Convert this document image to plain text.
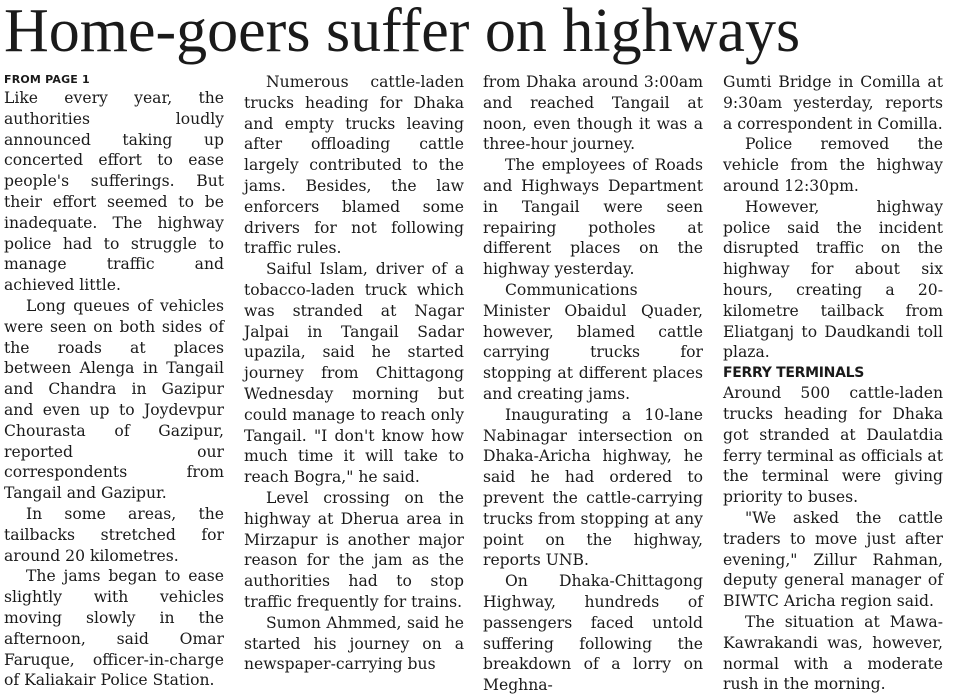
Home-goers suffer on highways

FROM PAGE 1

Like every year, the authorities loudly announced taking up concerted effort to ease people's sufferings. But their effort seemed to be inadequate. The highway police had to struggle to manage traffic and achieved little.

Long queues of vehicles were seen on both sides of the roads at places between Alenga in Tangail and Chandra in Gazipur and even up to Joydevpur Chourasta of Gazipur, reported our correspondents from Tangail and Gazipur.

In some areas, the tailbacks stretched for around 20 kilometres.

The jams began to ease slightly with vehicles moving slowly in the afternoon, said Omar Faruque, officer-in-charge of Kaliakair Police Station.

Numerous cattle-laden trucks heading for Dhaka and empty trucks leaving after offloading cattle largely contributed to the jams. Besides, the law enforcers blamed some drivers for not following traffic rules.

Saiful Islam, driver of a tobacco-laden truck which was stranded at Nagar Jalpai in Tangail Sadar upazila, said he started journey from Chittagong Wednesday morning but could manage to reach only Tangail. "I don't know how much time it will take to reach Bogra," he said.

Level crossing on the highway at Dherua area in Mirzapur is another major reason for the jam as the authorities had to stop traffic frequently for trains.

Sumon Ahmmed, said he started his journey on a newspaper-carrying bus

from Dhaka around 3:00am and reached Tangail at noon, even though it was a three-hour journey.

The employees of Roads and Highways Department in Tangail were seen repairing potholes at different places on the highway yesterday.

Communications Minister Obaidul Quader, however, blamed cattle carrying trucks for stopping at different places and creating jams.

Inaugurating a 10-lane Nabinagar intersection on Dhaka-Aricha highway, he said he had ordered to prevent the cattle-carrying trucks from stopping at any point on the highway, reports UNB.

On Dhaka-Chittagong Highway, hundreds of passengers faced untold suffering following the breakdown of a lorry on Meghna-

Gumti Bridge in Comilla at 9:30am yesterday, reports a correspondent in Comilla.

Police removed the vehicle from the highway around 12:30pm.

However, highway police said the incident disrupted traffic on the highway for about six hours, creating a 20-kilometre tailback from Eliatganj to Daudkandi toll plaza.

FERRY TERMINALS

Around 500 cattle-laden trucks heading for Dhaka got stranded at Daulatdia ferry terminal as officials at the terminal were giving priority to buses.

"We asked the cattle traders to move just after evening," Zillur Rahman, deputy general manager of BIWTC Aricha region said.

The situation at Mawa-Kawrakandi was, however, normal with a moderate rush in the morning.
